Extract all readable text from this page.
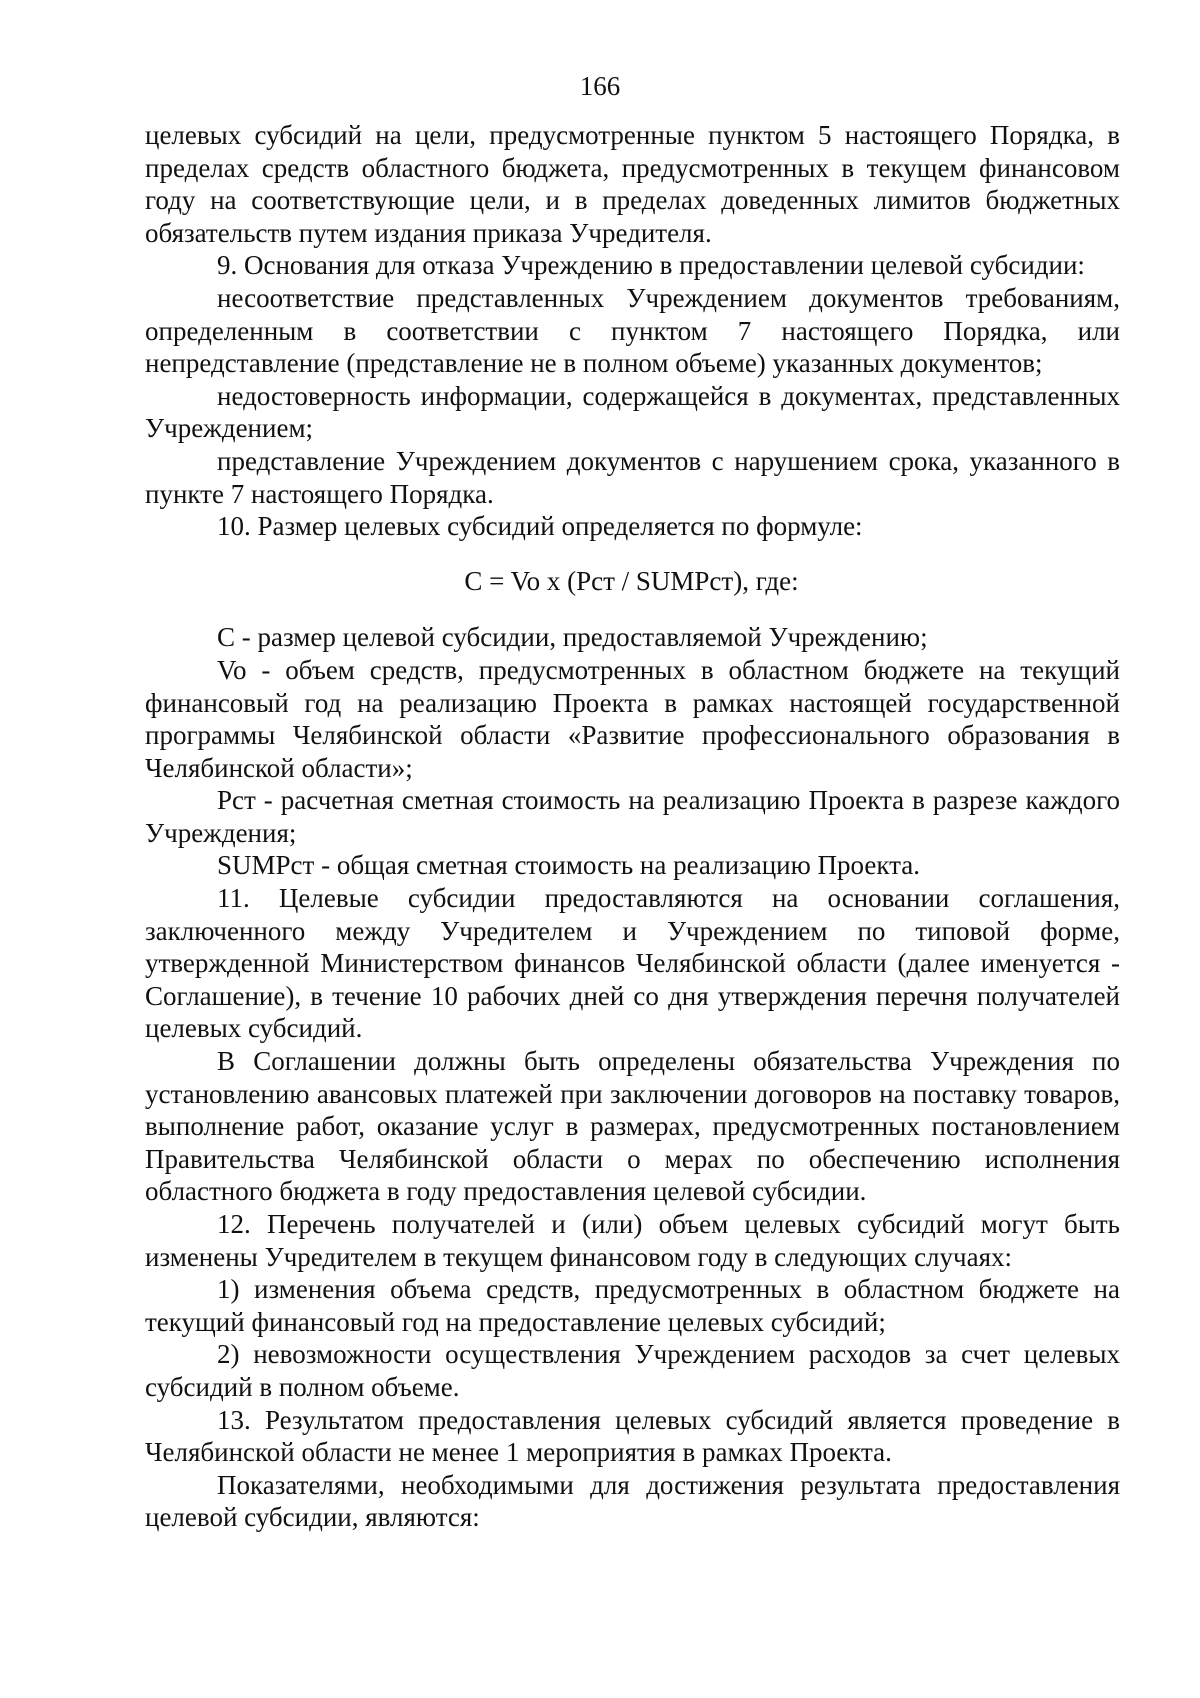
166

целевых субсидий на цели, предусмотренные пунктом 5 настоящего Порядка, в пределах средств областного бюджета, предусмотренных в текущем финансовом году на соответствующие цели, и в пределах доведенных лимитов бюджетных обязательств путем издания приказа Учредителя.

9. Основания для отказа Учреждению в предоставлении целевой субсидии:

несоответствие представленных Учреждением документов требованиям, определенным в соответствии с пунктом 7 настоящего Порядка, или непредставление (представление не в полном объеме) указанных документов;

недостоверность информации, содержащейся в документах, представленных Учреждением;

представление Учреждением документов с нарушением срока, указанного в пункте 7 настоящего Порядка.

10. Размер целевых субсидий определяется по формуле:

C = Vo x (Pст / SUMPст), где:

C - размер целевой субсидии, предоставляемой Учреждению;

Vo - объем средств, предусмотренных в областном бюджете на текущий финансовый год на реализацию Проекта в рамках настоящей государственной программы Челябинской области «Развитие профессионального образования в Челябинской области»;

Pст - расчетная сметная стоимость на реализацию Проекта в разрезе каждого Учреждения;

SUMPст - общая сметная стоимость на реализацию Проекта.

11. Целевые субсидии предоставляются на основании соглашения, заключенного между Учредителем и Учреждением по типовой форме, утвержденной Министерством финансов Челябинской области (далее именуется - Соглашение), в течение 10 рабочих дней со дня утверждения перечня получателей целевых субсидий.

В Соглашении должны быть определены обязательства Учреждения по установлению авансовых платежей при заключении договоров на поставку товаров, выполнение работ, оказание услуг в размерах, предусмотренных постановлением Правительства Челябинской области о мерах по обеспечению исполнения областного бюджета в году предоставления целевой субсидии.

12. Перечень получателей и (или) объем целевых субсидий могут быть изменены Учредителем в текущем финансовом году в следующих случаях:

1) изменения объема средств, предусмотренных в областном бюджете на текущий финансовый год на предоставление целевых субсидий;

2) невозможности осуществления Учреждением расходов за счет целевых субсидий в полном объеме.

13. Результатом предоставления целевых субсидий является проведение в Челябинской области не менее 1 мероприятия в рамках Проекта.

Показателями, необходимыми для достижения результата предоставления целевой субсидии, являются:
